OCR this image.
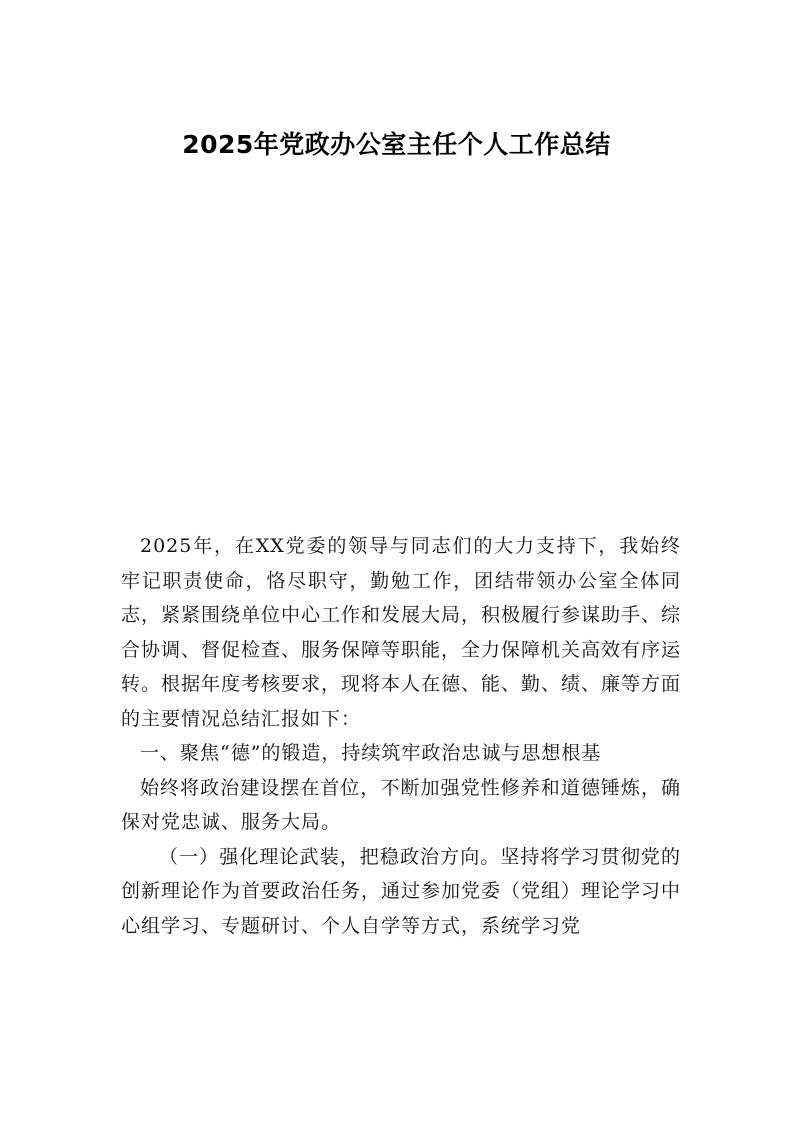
2025年党政办公室主任个人工作总结

2025年，在XX党委的领导与同志们的大力支持下，我始终牢记职责使命，恪尽职守，勤勉工作，团结带领办公室全体同志，紧紧围绕单位中心工作和发展大局，积极履行参谋助手、综合协调、督促检查、服务保障等职能，全力保障机关高效有序运转。根据年度考核要求，现将本人在德、能、勤、绩、廉等方面的主要情况总结汇报如下：

一、聚焦“德”的锻造，持续筑牢政治忠诚与思想根基

始终将政治建设摆在首位，不断加强党性修养和道德锤炼，确保对党忠诚、服务大局。

（一）强化理论武装，把稳政治方向。坚持将学习贯彻党的创新理论作为首要政治任务，通过参加党委（党组）理论学习中心组学习、专题研讨、个人自学等方式，系统学习党
